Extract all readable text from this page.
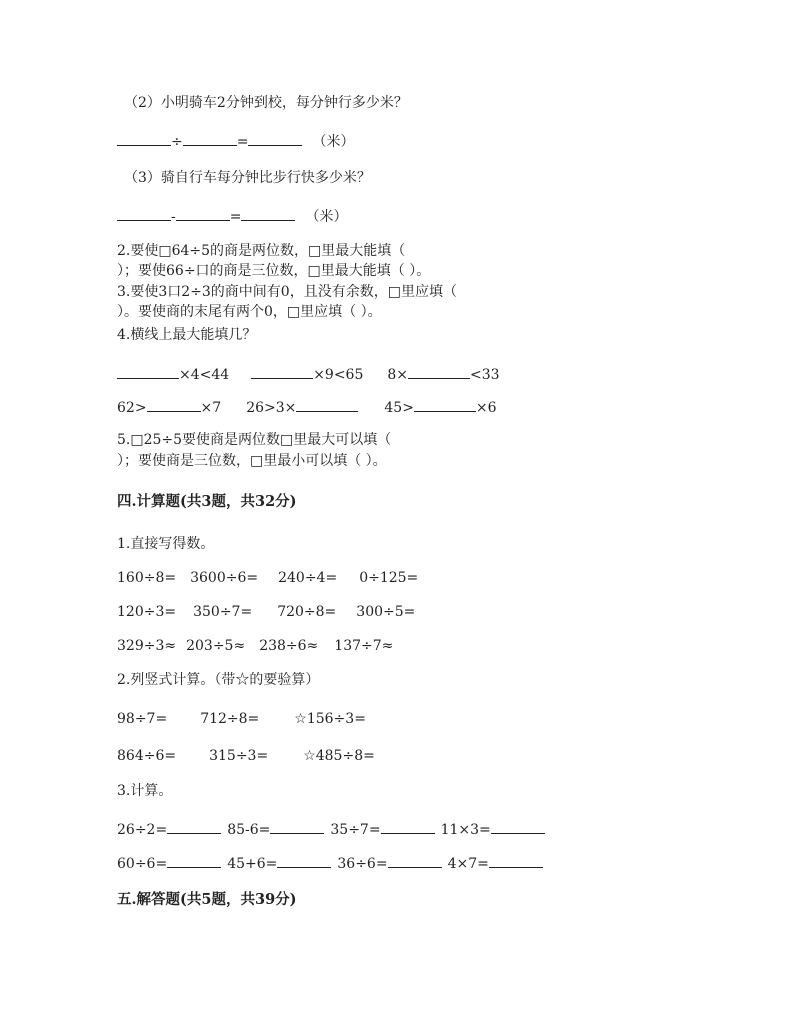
（2）小明骑车2分钟到校，每分钟行多少米？
÷	=	（米）
（3）骑自行车每分钟比步行快多少米？
-	=	（米）
2.要使□64÷5的商是两位数，□里最大能填（
）；要使66÷口的商是三位数，□里最大能填（ ）。
3.要使3口2÷3的商中间有0，且没有余数，□里应填（
）。要使商的末尾有两个0，□里应填（ ）。
4.横线上最大能填几？
×4<44	×9<65 8×	<33
62>	×7 26>3×	45>	×6
5.□25÷5要使商是两位数□里最大可以填（
）；要使商是三位数，□里最小可以填（ ）。
四.计算题(共3题，共32分)
1.直接写得数。
160÷8= 3600÷6= 240÷4= 0÷125=
120÷3= 350÷7= 720÷8= 300÷5=
329÷3≈ 203÷5≈ 238÷6≈ 137÷7≈
2.列竖式计算。（带☆的要验算）
98÷7= 712÷8=	☆156÷3=
864÷6= 315÷3=	☆485÷8=
3.计算。
26÷2=	85-6=	35÷7=	11×3=
60÷6=	45+6=	36÷6=	4×7=
五.解答题(共5题，共39分)
